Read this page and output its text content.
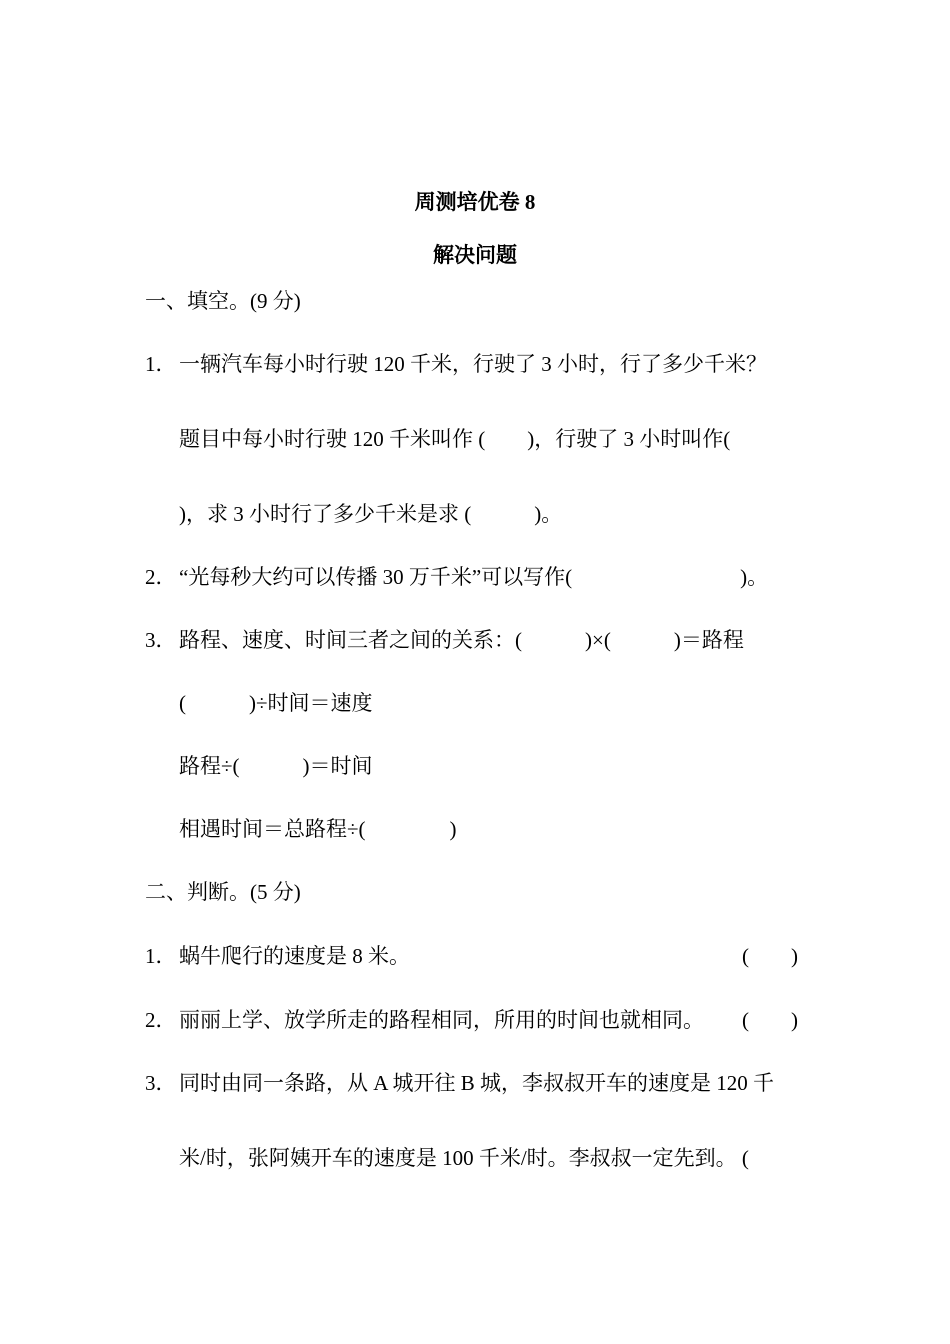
周测培优卷 8
解决问题
一、填空。(9 分)
1． 一辆汽车每小时行驶 120 千米，行驶了 3 小时，行了多少千米？
题目中每小时行驶 120 千米叫作 (　　)，行驶了 3 小时叫作(
)，求 3 小时行了多少千米是求 (　　　)。
2． “光每秒大约可以传播 30 万千米”可以写作(　　　　　　　　)。
3． 路程、速度、时间三者之间的关系：(　　　)×(　　　)＝路程
(　　　)÷时间＝速度
路程÷(　　　)＝时间
相遇时间＝总路程÷(　　　　)
二、判断。(5 分)
1． 蜗牛爬行的速度是 8 米。	(　　)
2． 丽丽上学、放学所走的路程相同，所用的时间也就相同。 (　　)
3． 同时由同一条路，从 A 城开往 B 城，李叔叔开车的速度是 120 千
米/时，张阿姨开车的速度是 100 千米/时。李叔叔一定先到。 (
